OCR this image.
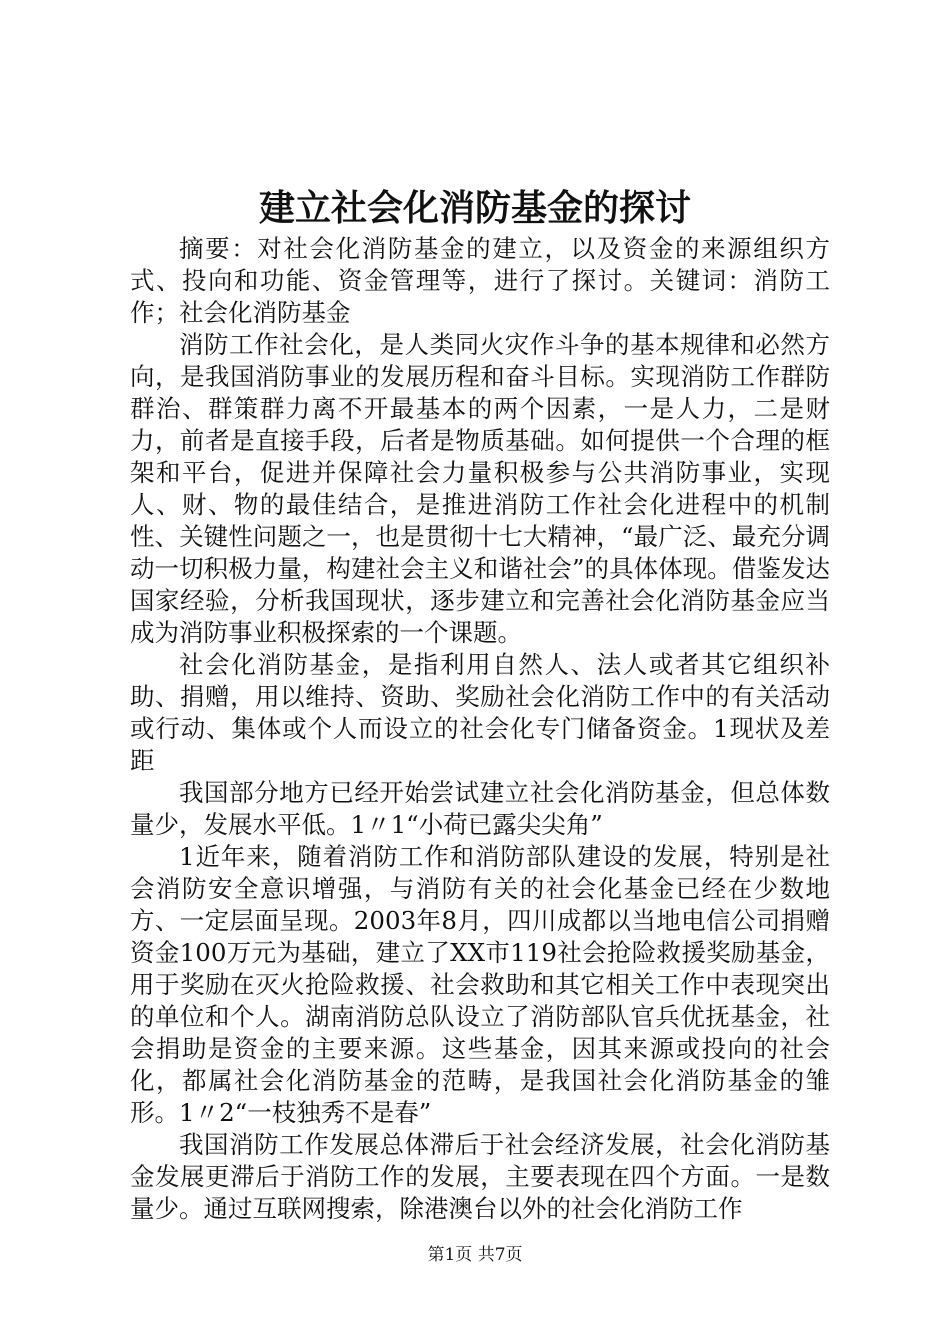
建立社会化消防基金的探讨

摘要：对社会化消防基金的建立，以及资金的来源组织方式、投向和功能、资金管理等，进行了探讨。关键词：消防工作；社会化消防基金

消防工作社会化，是人类同火灾作斗争的基本规律和必然方向，是我国消防事业的发展历程和奋斗目标。实现消防工作群防群治、群策群力离不开最基本的两个因素，一是人力，二是财力，前者是直接手段，后者是物质基础。如何提供一个合理的框架和平台，促进并保障社会力量积极参与公共消防事业，实现人、财、物的最佳结合，是推进消防工作社会化进程中的机制性、关键性问题之一，也是贯彻十七大精神，“最广泛、最充分调动一切积极力量，构建社会主义和谐社会”的具体体现。借鉴发达国家经验，分析我国现状，逐步建立和完善社会化消防基金应当成为消防事业积极探索的一个课题。

社会化消防基金，是指利用自然人、法人或者其它组织补助、捐赠，用以维持、资助、奖励社会化消防工作中的有关活动或行动、集体或个人而设立的社会化专门储备资金。1现状及差距

我国部分地方已经开始尝试建立社会化消防基金，但总体数量少，发展水平低。1〃1“小荷已露尖尖角”

1近年来，随着消防工作和消防部队建设的发展，特别是社会消防安全意识增强，与消防有关的社会化基金已经在少数地方、一定层面呈现。2003年8月，四川成都以当地电信公司捐赠资金100万元为基础，建立了XX市119社会抢险救援奖励基金，用于奖励在灭火抢险救援、社会救助和其它相关工作中表现突出的单位和个人。湖南消防总队设立了消防部队官兵优抚基金，社会捐助是资金的主要来源。这些基金，因其来源或投向的社会化，都属社会化消防基金的范畴，是我国社会化消防基金的雏形。1〃2“一枝独秀不是春”

我国消防工作发展总体滞后于社会经济发展，社会化消防基金发展更滞后于消防工作的发展，主要表现在四个方面。一是数量少。通过互联网搜索，除港澳台以外的社会化消防工作

第1页 共7页
